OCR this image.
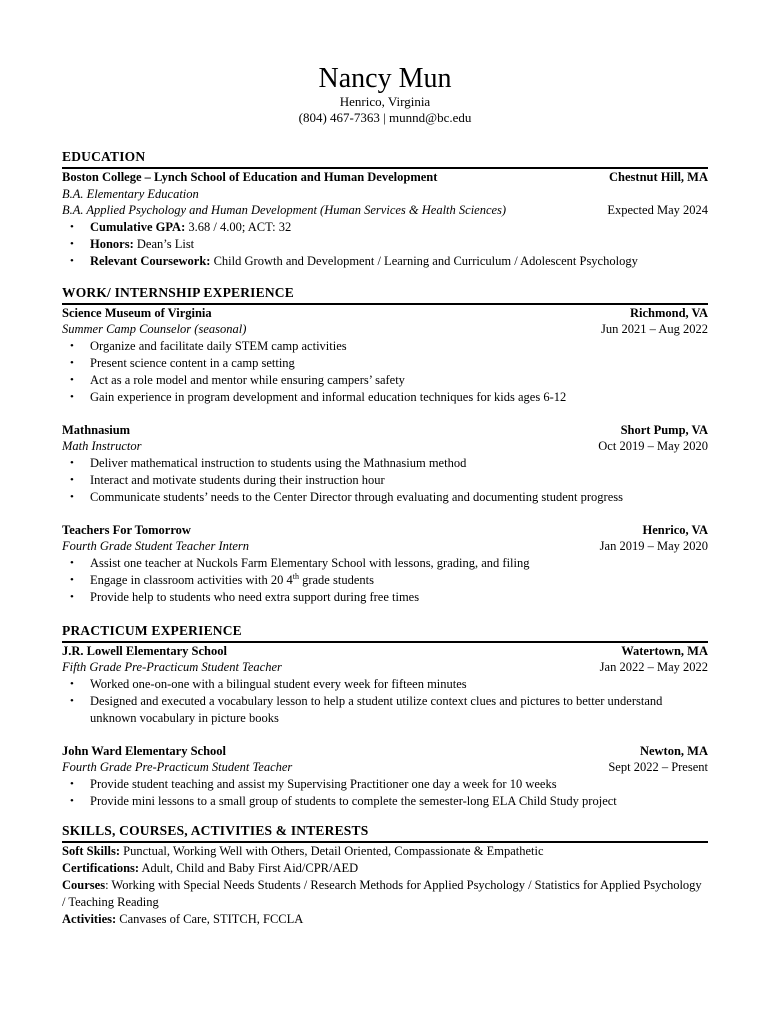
Nancy Mun
Henrico, Virginia
(804) 467-7363 | munnd@bc.edu
EDUCATION
Boston College – Lynch School of Education and Human Development	Chestnut Hill, MA
B.A. Elementary Education
B.A. Applied Psychology and Human Development (Human Services & Health Sciences)	Expected May 2024
•	Cumulative GPA: 3.68 / 4.00; ACT: 32
•	Honors: Dean’s List
•	Relevant Coursework: Child Growth and Development / Learning and Curriculum / Adolescent Psychology
WORK/ INTERNSHIP EXPERIENCE
Science Museum of Virginia	Richmond, VA
Summer Camp Counselor (seasonal)	Jun 2021 – Aug 2022
•	Organize and facilitate daily STEM camp activities
•	Present science content in a camp setting
•	Act as a role model and mentor while ensuring campers’ safety
•	Gain experience in program development and informal education techniques for kids ages 6-12
Mathnasium	Short Pump, VA
Math Instructor	Oct 2019 – May 2020
•	Deliver mathematical instruction to students using the Mathnasium method
•	Interact and motivate students during their instruction hour
•	Communicate students’ needs to the Center Director through evaluating and documenting student progress
Teachers For Tomorrow	Henrico, VA
Fourth Grade Student Teacher Intern	Jan 2019 – May 2020
•	Assist one teacher at Nuckols Farm Elementary School with lessons, grading, and filing
•	Engage in classroom activities with 20 4th grade students
•	Provide help to students who need extra support during free times
PRACTICUM EXPERIENCE
J.R. Lowell Elementary School	Watertown, MA
Fifth Grade Pre-Practicum Student Teacher	Jan 2022 – May 2022
•	Worked one-on-one with a bilingual student every week for fifteen minutes
•	Designed and executed a vocabulary lesson to help a student utilize context clues and pictures to better understand unknown vocabulary in picture books
John Ward Elementary School	Newton, MA
Fourth Grade Pre-Practicum Student Teacher	Sept 2022 – Present
•	Provide student teaching and assist my Supervising Practitioner one day a week for 10 weeks
•	Provide mini lessons to a small group of students to complete the semester-long ELA Child Study project
SKILLS, COURSES, ACTIVITIES & INTERESTS
Soft Skills: Punctual, Working Well with Others, Detail Oriented, Compassionate & Empathetic
Certifications: Adult, Child and Baby First Aid/CPR/AED
Courses: Working with Special Needs Students / Research Methods for Applied Psychology / Statistics for Applied Psychology / Teaching Reading
Activities: Canvases of Care, STITCH, FCCLA
